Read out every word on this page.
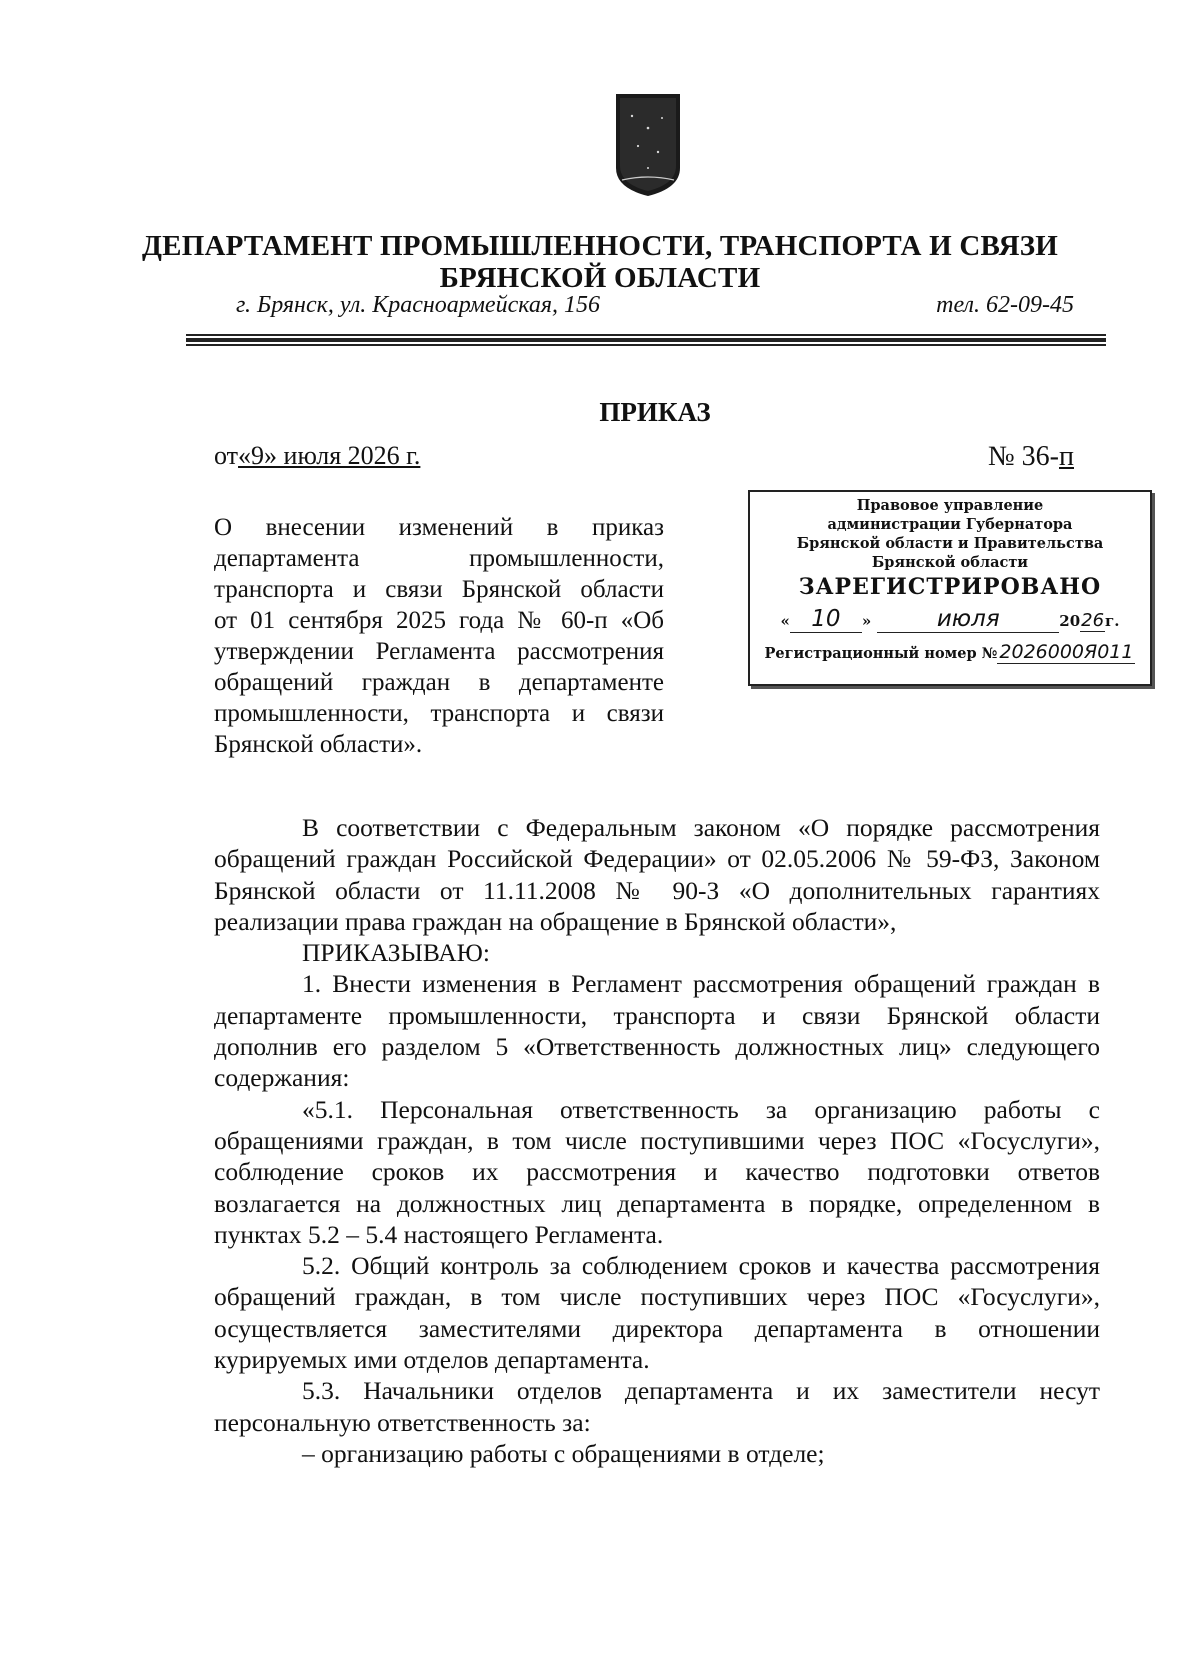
ДЕПАРТАМЕНТ ПРОМЫШЛЕННОСТИ, ТРАНСПОРТА И СВЯЗИ
БРЯНСКОЙ ОБЛАСТИ
г. Брянск, ул. Красноармейская, 156	тел. 62-09-45
ПРИКАЗ
от«9» июля 2026 г.	№ 36-п
О внесении изменений в приказ
департамента промышленности,
транспорта и связи Брянской области
от 01 сентября 2025 года № 60-п «Об
утверждении Регламента рассмотрения
обращений граждан в департаменте
промышленности, транспорта и связи
Брянской области».
Правовое управление
администрации Губернатора
Брянской области и Правительства
Брянской области
ЗАРЕГИСТРИРОВАНО
« 10	»	июля	20 26 г.
Регистрационный номер № 2026000Я011
В соответствии с Федеральным законом «О порядке рассмотрения
обращений граждан Российской Федерации» от 02.05.2006 № 59-ФЗ, Законом
Брянской области от 11.11.2008 № 90-З «О дополнительных гарантиях
реализации права граждан на обращение в Брянской области»,
ПРИКАЗЫВАЮ:
1. Внести изменения в Регламент рассмотрения обращений граждан в
департаменте промышленности, транспорта и связи Брянской области
дополнив его разделом 5 «Ответственность должностных лиц» следующего
содержания:
«5.1. Персональная ответственность за организацию работы с
обращениями граждан, в том числе поступившими через ПОС «Госуслуги»,
соблюдение сроков их рассмотрения и качество подготовки ответов
возлагается на должностных лиц департамента в порядке, определенном в
пунктах 5.2 – 5.4 настоящего Регламента.
5.2. Общий контроль за соблюдением сроков и качества рассмотрения
обращений граждан, в том числе поступивших через ПОС «Госуслуги»,
осуществляется заместителями директора департамента в отношении
курируемых ими отделов департамента.
5.3. Начальники отделов департамента и их заместители несут
персональную ответственность за:
– организацию работы с обращениями в отделе;
